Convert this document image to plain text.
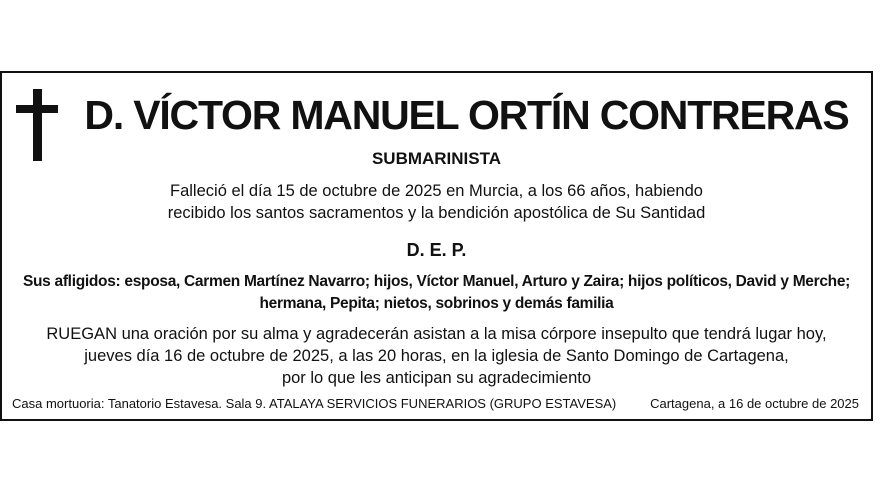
D. VÍCTOR MANUEL ORTÍN CONTRERAS
SUBMARINISTA
Falleció el día 15 de octubre de 2025 en Murcia, a los 66 años, habiendo
recibido los santos sacramentos y la bendición apostólica de Su Santidad
D. E. P.
Sus afligidos: esposa, Carmen Martínez Navarro; hijos, Víctor Manuel, Arturo y Zaira; hijos políticos, David y Merche;
hermana, Pepita; nietos, sobrinos y demás familia
RUEGAN una oración por su alma y agradecerán asistan a la misa córpore insepulto que tendrá lugar hoy,
jueves día 16 de octubre de 2025, a las 20 horas, en la iglesia de Santo Domingo de Cartagena,
por lo que les anticipan su agradecimiento
Casa mortuoria: Tanatorio Estavesa. Sala 9. ATALAYA SERVICIOS FUNERARIOS (GRUPO ESTAVESA)	Cartagena, a 16 de octubre de 2025
